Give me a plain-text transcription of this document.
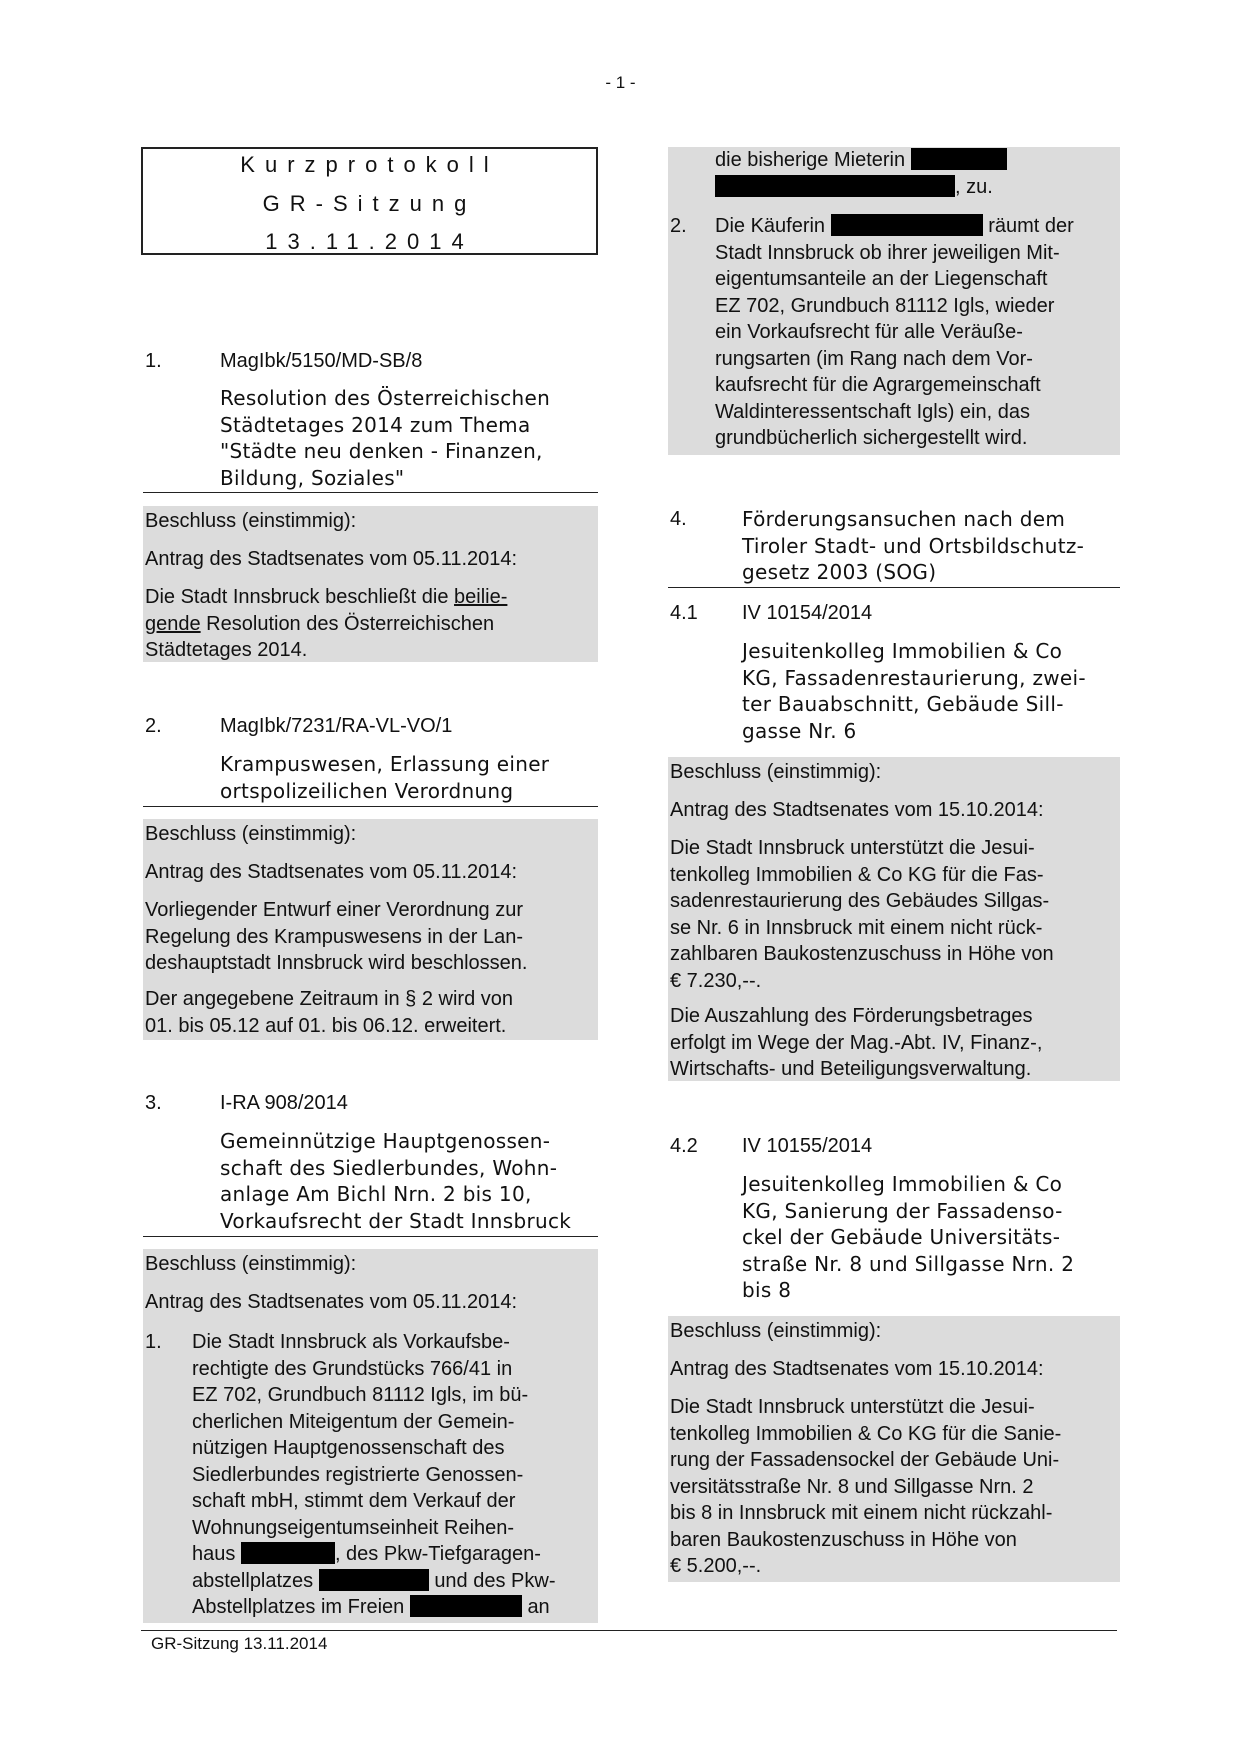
- 1 -
Kurzprotokoll
GR-Sitzung
13.11.2014
1.	MagIbk/5150/MD-SB/8
Resolution des Österreichischen
Städtetages 2014 zum Thema
"Städte neu denken - Finanzen,
Bildung, Soziales"
Beschluss (einstimmig):
Antrag des Stadtsenates vom 05.11.2014:
Die Stadt Innsbruck beschließt die beilie-
gende Resolution des Österreichischen
Städtetages 2014.
2.	MagIbk/7231/RA-VL-VO/1
Krampuswesen, Erlassung einer
ortspolizeilichen Verordnung
Beschluss (einstimmig):
Antrag des Stadtsenates vom 05.11.2014:
Vorliegender Entwurf einer Verordnung zur
Regelung des Krampuswesens in der Lan-
deshauptstadt Innsbruck wird beschlossen.
Der angegebene Zeitraum in § 2 wird von
01. bis 05.12 auf 01. bis 06.12. erweitert.
3.	I-RA 908/2014
Gemeinnützige Hauptgenossen-
schaft des Siedlerbundes, Wohn-
anlage Am Bichl Nrn. 2 bis 10,
Vorkaufsrecht der Stadt Innsbruck
Beschluss (einstimmig):
Antrag des Stadtsenates vom 05.11.2014:
1. Die Stadt Innsbruck als Vorkaufsbe-
rechtigte des Grundstücks 766/41 in
EZ 702, Grundbuch 81112 Igls, im bü-
cherlichen Miteigentum der Gemein-
nützigen Hauptgenossenschaft des
Siedlerbundes registrierte Genossen-
schaft mbH, stimmt dem Verkauf der
Wohnungseigentumseinheit Reihen-
haus	, des Pkw-Tiefgaragen-
abstellplatzes	und des Pkw-
Abstellplatzes im Freien	an
die bisherige Mieterin
, zu.
2. Die Käuferin	räumt der
Stadt Innsbruck ob ihrer jeweiligen Mit-
eigentumsanteile an der Liegenschaft
EZ 702, Grundbuch 81112 Igls, wieder
ein Vorkaufsrecht für alle Veräuße-
rungsarten (im Rang nach dem Vor-
kaufsrecht für die Agrargemeinschaft
Waldinteressentschaft Igls) ein, das
grundbücherlich sichergestellt wird.
4.	Förderungsansuchen nach dem
Tiroler Stadt- und Ortsbildschutz-
gesetz 2003 (SOG)
4.1 IV 10154/2014
Jesuitenkolleg Immobilien & Co
KG, Fassadenrestaurierung, zwei-
ter Bauabschnitt, Gebäude Sill-
gasse Nr. 6
Beschluss (einstimmig):
Antrag des Stadtsenates vom 15.10.2014:
Die Stadt Innsbruck unterstützt die Jesui-
tenkolleg Immobilien & Co KG für die Fas-
sadenrestaurierung des Gebäudes Sillgas-
se Nr. 6 in Innsbruck mit einem nicht rück-
zahlbaren Baukostenzuschuss in Höhe von
€ 7.230,--.
Die Auszahlung des Förderungsbetrages
erfolgt im Wege der Mag.-Abt. IV, Finanz-,
Wirtschafts- und Beteiligungsverwaltung.
4.2 IV 10155/2014
Jesuitenkolleg Immobilien & Co
KG, Sanierung der Fassadenso-
ckel der Gebäude Universitäts-
straße Nr. 8 und Sillgasse Nrn. 2
bis 8
Beschluss (einstimmig):
Antrag des Stadtsenates vom 15.10.2014:
Die Stadt Innsbruck unterstützt die Jesui-
tenkolleg Immobilien & Co KG für die Sanie-
rung der Fassadensockel der Gebäude Uni-
versitätsstraße Nr. 8 und Sillgasse Nrn. 2
bis 8 in Innsbruck mit einem nicht rückzahl-
baren Baukostenzuschuss in Höhe von
€ 5.200,--.
GR-Sitzung 13.11.2014
